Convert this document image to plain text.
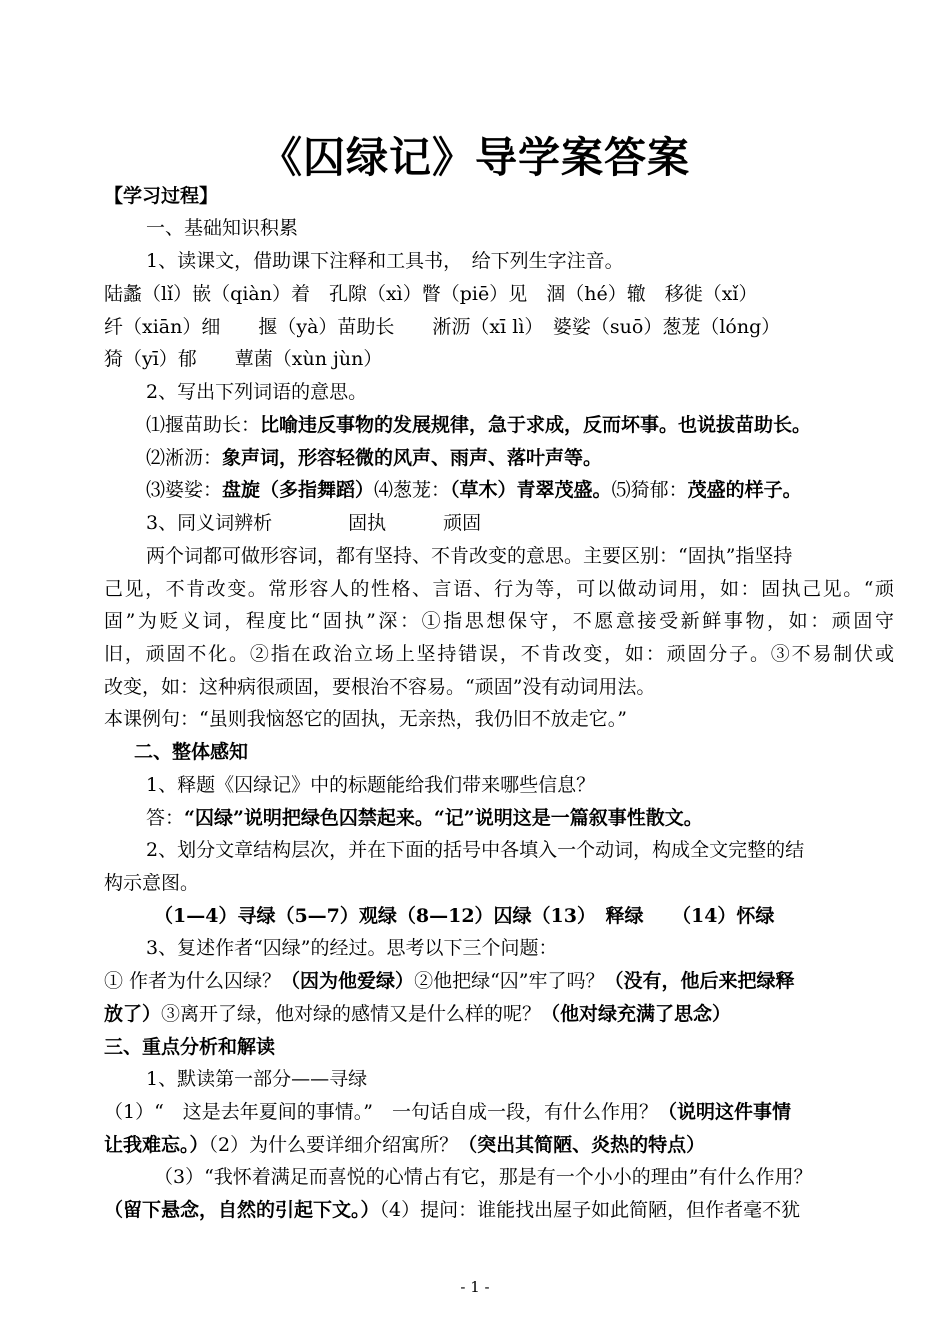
《囚绿记》导学案答案
【学习过程】
一、基础知识积累
1、读课文，借助课下注释和工具书，　给下列生字注音。
陆蠡（lǐ）嵌（qiàn）着　孔隙（xì）瞥（piē）见　涸（hé）辙　移徙（xǐ）
纤（xiān）细　　揠（yà）苗助长　　淅沥（xī lì）　婆娑（suō）葱茏（lóng）
猗（yī）郁　　蕈菌（xùn jùn）
2、写出下列词语的意思。
⑴揠苗助长：比喻违反事物的发展规律，急于求成，反而坏事。也说拔苗助长。
⑵淅沥：象声词，形容轻微的风声、雨声、落叶声等。
⑶婆娑：盘旋（多指舞蹈）⑷葱茏：（草木）青翠茂盛。⑸猗郁：茂盛的样子。
3、同义词辨析　　　　固执　　　顽固
两个词都可做形容词，都有坚持、不肯改变的意思。主要区别：“固执”指坚持
己见，不肯改变。常形容人的性格、言语、行为等，可以做动词用，如：固执己见。“顽
固”为贬义词，程度比“固执”深：①指思想保守，不愿意接受新鲜事物，如：顽固守
旧，顽固不化。②指在政治立场上坚持错误，不肯改变，如：顽固分子。③不易制伏或
改变，如：这种病很顽固，要根治不容易。“顽固”没有动词用法。
本课例句：“虽则我恼怒它的固执，无亲热，我仍旧不放走它。”
二、整体感知
1、释题《囚绿记》中的标题能给我们带来哪些信息？
答：“囚绿”说明把绿色囚禁起来。“记”说明这是一篇叙事性散文。
2、划分文章结构层次，并在下面的括号中各填入一个动词，构成全文完整的结
构示意图。
（1—4）寻绿（5—7）观绿（8—12）囚绿（13）　释绿　　（14）怀绿
3、复述作者“囚绿”的经过。思考以下三个问题：
① 作者为什么囚绿？（因为他爱绿）②他把绿“囚”牢了吗？（没有，他后来把绿释
放了）③离开了绿，他对绿的感情又是什么样的呢？（他对绿充满了思念）
三、重点分析和解读
1、默读第一部分——寻绿
（1）“　这是去年夏间的事情。”　一句话自成一段，有什么作用？（说明这件事情
让我难忘。）（2）为什么要详细介绍寓所？（突出其简陋、炎热的特点）
（3）“我怀着满足而喜悦的心情占有它，那是有一个小小的理由”有什么作用？
（留下悬念，自然的引起下文。）（4）提问：谁能找出屋子如此简陋，但作者毫不犹
- 1 -
